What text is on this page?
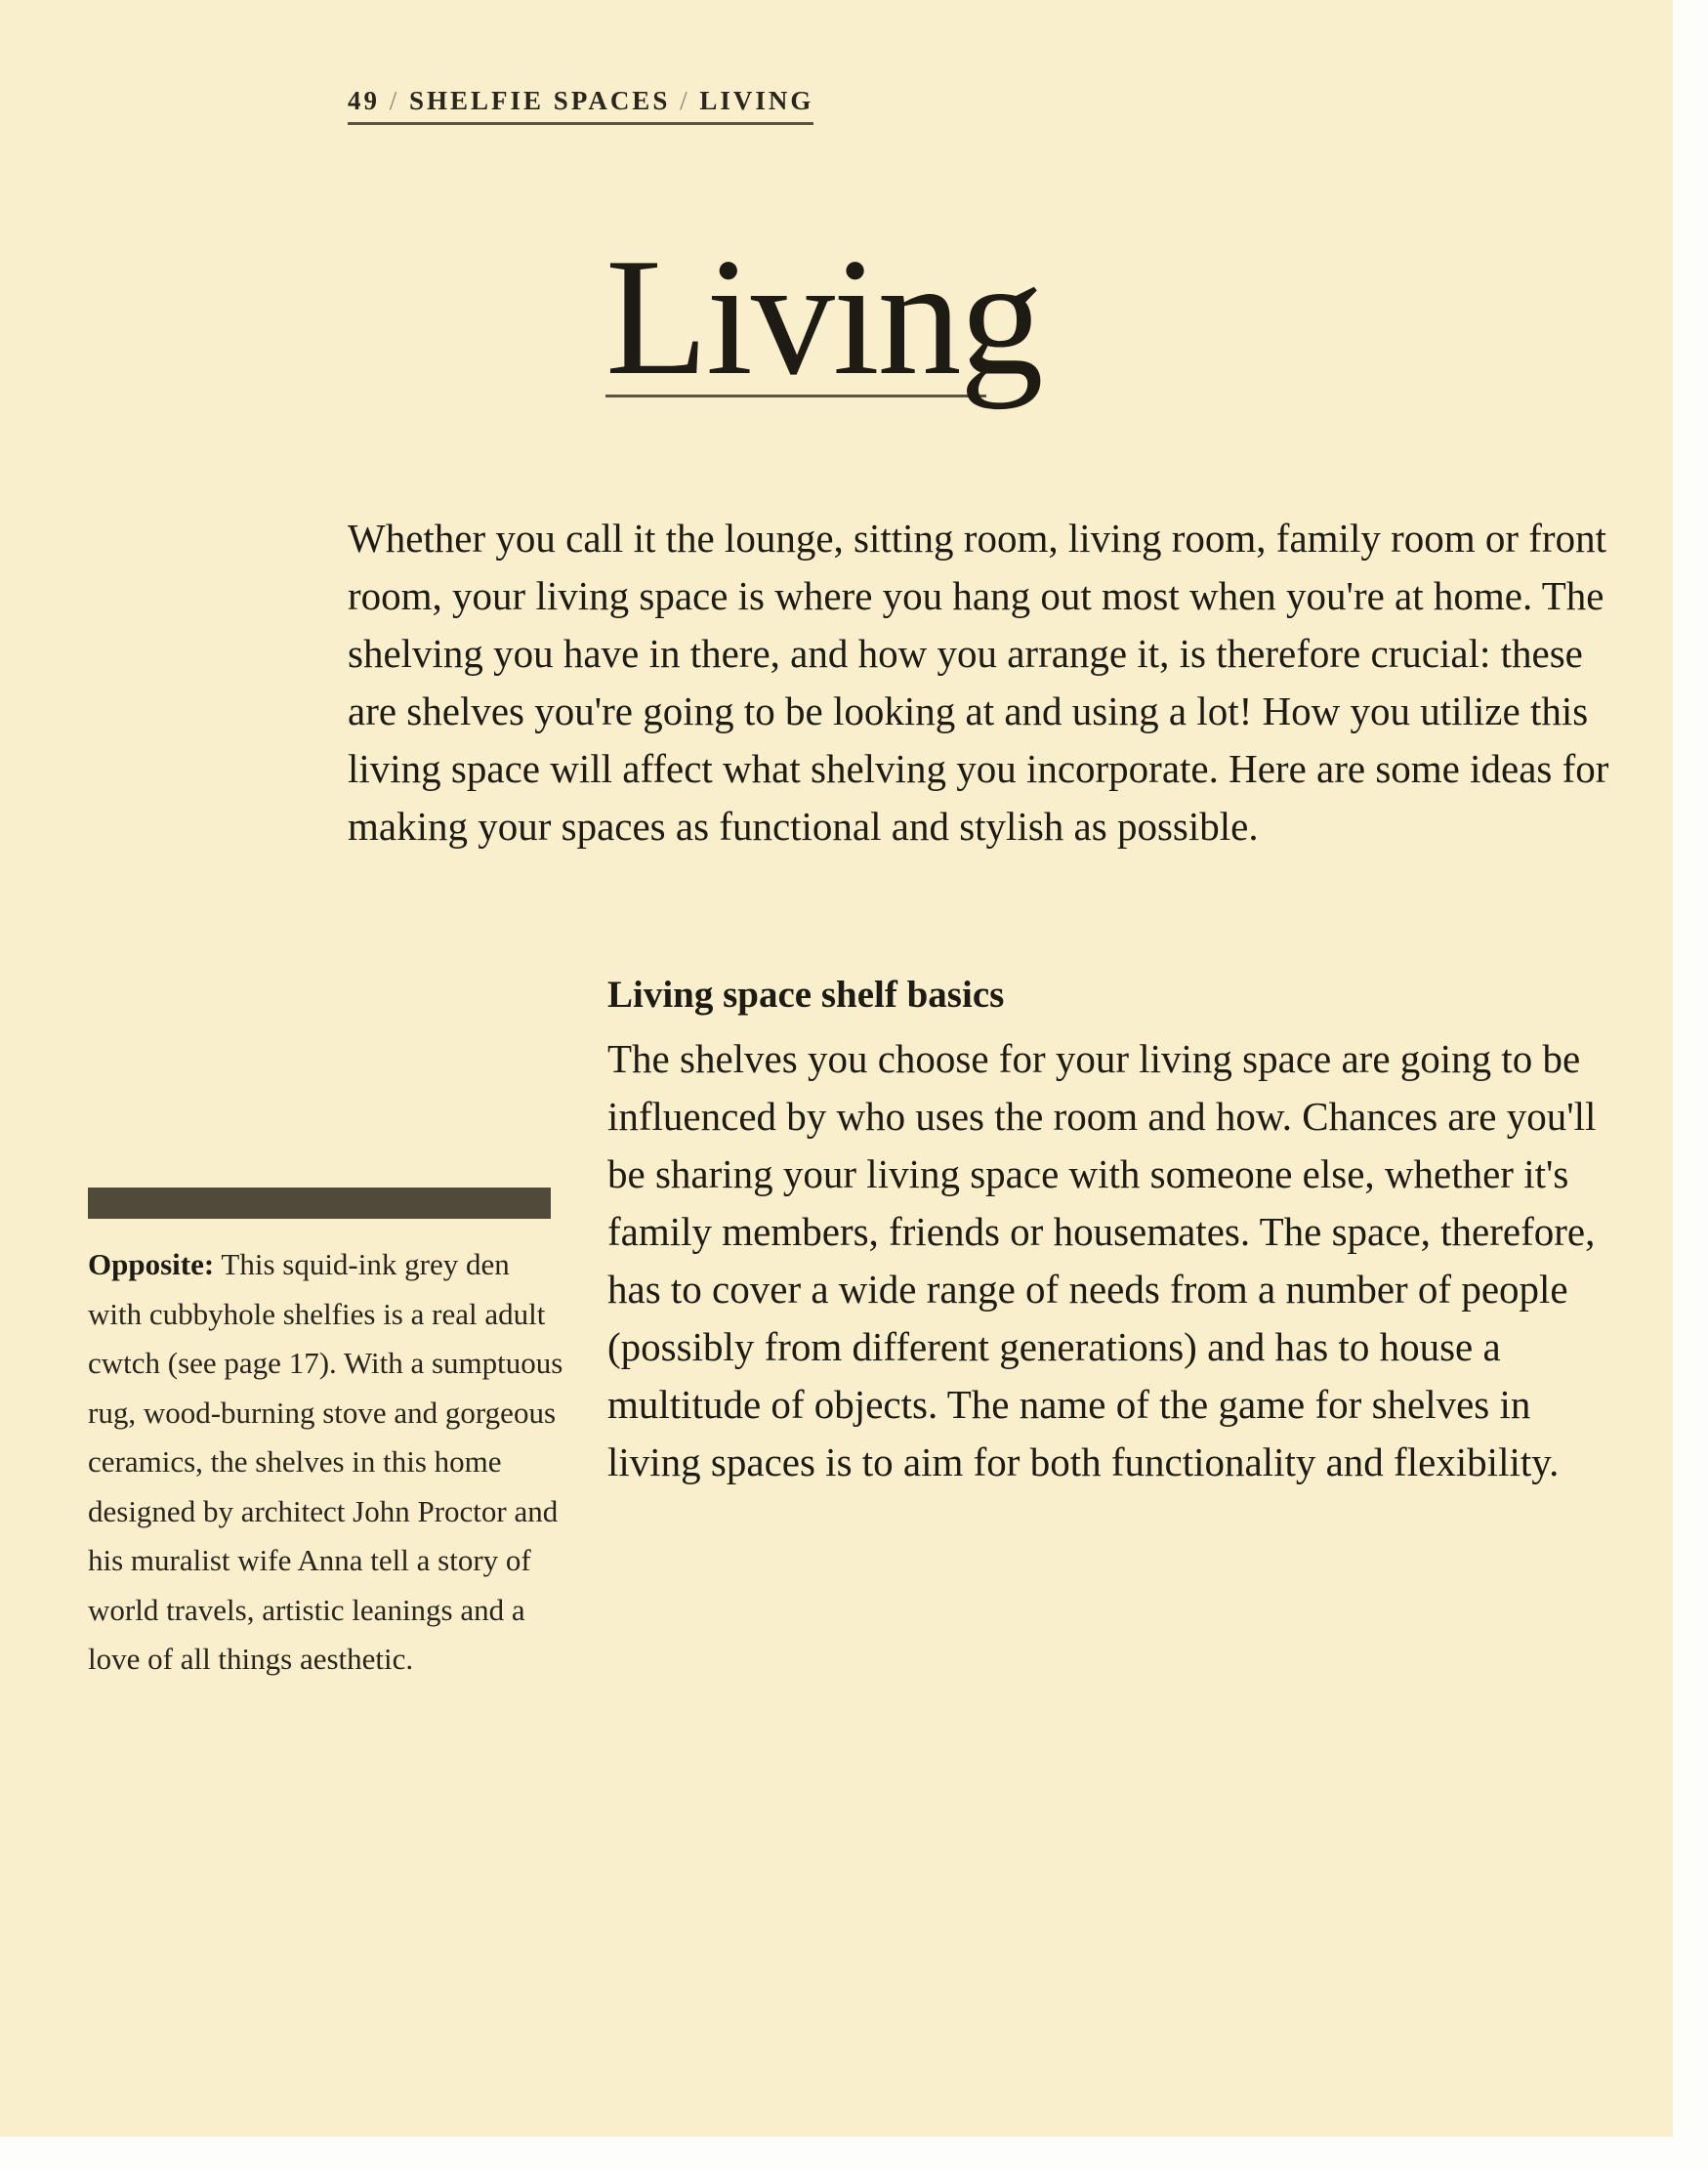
49 / SHELFIE SPACES / LIVING
Living

Whether you call it the lounge, sitting room, living room, family room or front room, your living space is where you hang out most when you're at home. The shelving you have in there, and how you arrange it, is therefore crucial: these are shelves you're going to be looking at and using a lot! How you utilize this living space will affect what shelving you incorporate. Here are some ideas for making your spaces as functional and stylish as possible.

Opposite: This squid-ink grey den with cubbyhole shelfies is a real adult cwtch (see page 17). With a sumptuous rug, wood-burning stove and gorgeous ceramics, the shelves in this home designed by architect John Proctor and his muralist wife Anna tell a story of world travels, artistic leanings and a love of all things aesthetic.

Living space shelf basics

The shelves you choose for your living space are going to be influenced by who uses the room and how. Chances are you'll be sharing your living space with someone else, whether it's family members, friends or housemates. The space, therefore, has to cover a wide range of needs from a number of people (possibly from different generations) and has to house a multitude of objects. The name of the game for shelves in living spaces is to aim for both functionality and flexibility.
